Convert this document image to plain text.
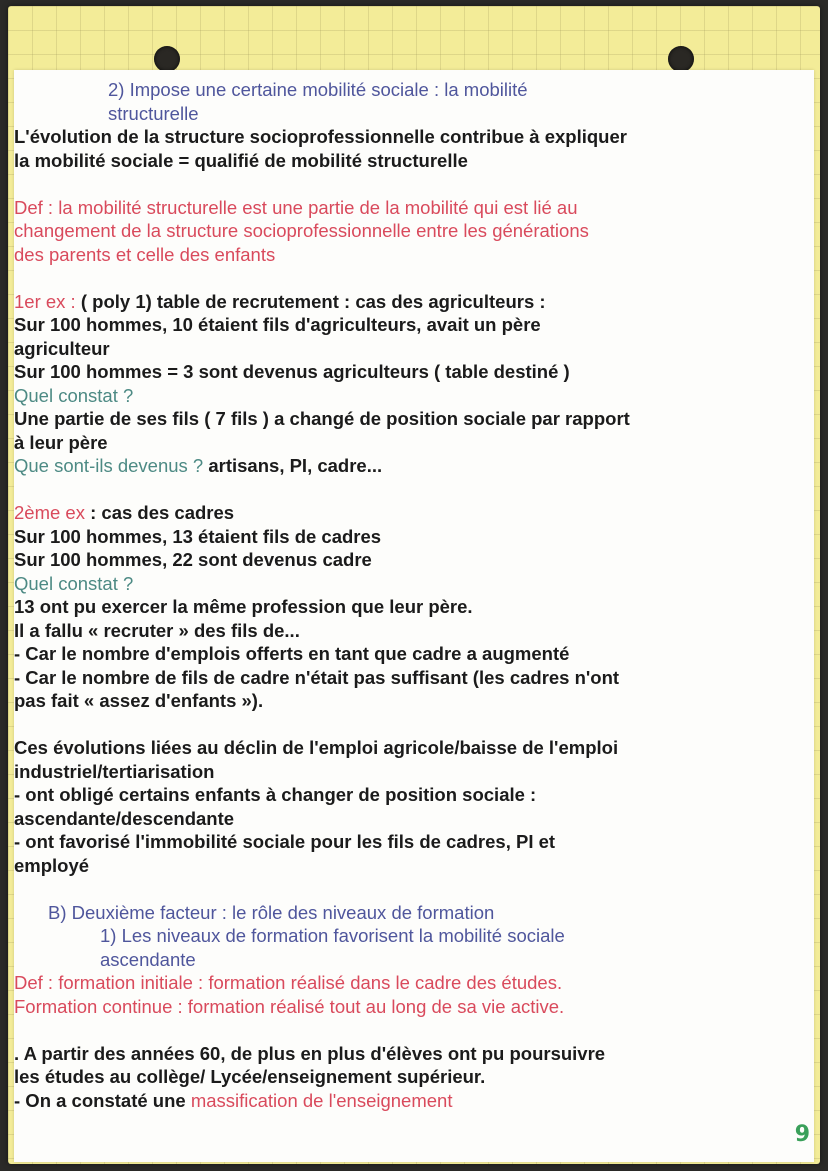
2) Impose une certaine mobilité sociale : la mobilité
structurelle
L'évolution de la structure socioprofessionnelle contribue à expliquer
la mobilité sociale = qualifié de mobilité structurelle
Def : la mobilité structurelle est une partie de la mobilité qui est lié au
changement de la structure socioprofessionnelle entre les générations
des parents et celle des enfants
1er ex : ( poly 1) table de recrutement : cas des agriculteurs :
Sur 100 hommes, 10 étaient fils d'agriculteurs, avait un père
agriculteur
Sur 100 hommes = 3 sont devenus agriculteurs ( table destiné )
Quel constat ?
Une partie de ses fils ( 7 fils ) a changé de position sociale par rapport
à leur père
Que sont-ils devenus ? artisans, PI, cadre...
2ème ex : cas des cadres
Sur 100 hommes, 13 étaient fils de cadres
Sur 100 hommes, 22 sont devenus cadre
Quel constat ?
13 ont pu exercer la même profession que leur père.
Il a fallu « recruter » des fils de...
- Car le nombre d'emplois offerts en tant que cadre a augmenté
- Car le nombre de fils de cadre n'était pas suffisant (les cadres n'ont
pas fait « assez d'enfants »).
Ces évolutions liées au déclin de l'emploi agricole/baisse de l'emploi
industriel/tertiarisation
- ont obligé certains enfants à changer de position sociale :
ascendante/descendante
- ont favorisé l'immobilité sociale pour les fils de cadres, PI et
employé
B) Deuxième facteur : le rôle des niveaux de formation
1) Les niveaux de formation favorisent la mobilité sociale
ascendante
Def : formation initiale : formation réalisé dans le cadre des études.
Formation continue : formation réalisé tout au long de sa vie active.
. A partir des années 60, de plus en plus d'élèves ont pu poursuivre
les études au collège/ Lycée/enseignement supérieur.
- On a constaté une massification de l'enseignement
9
